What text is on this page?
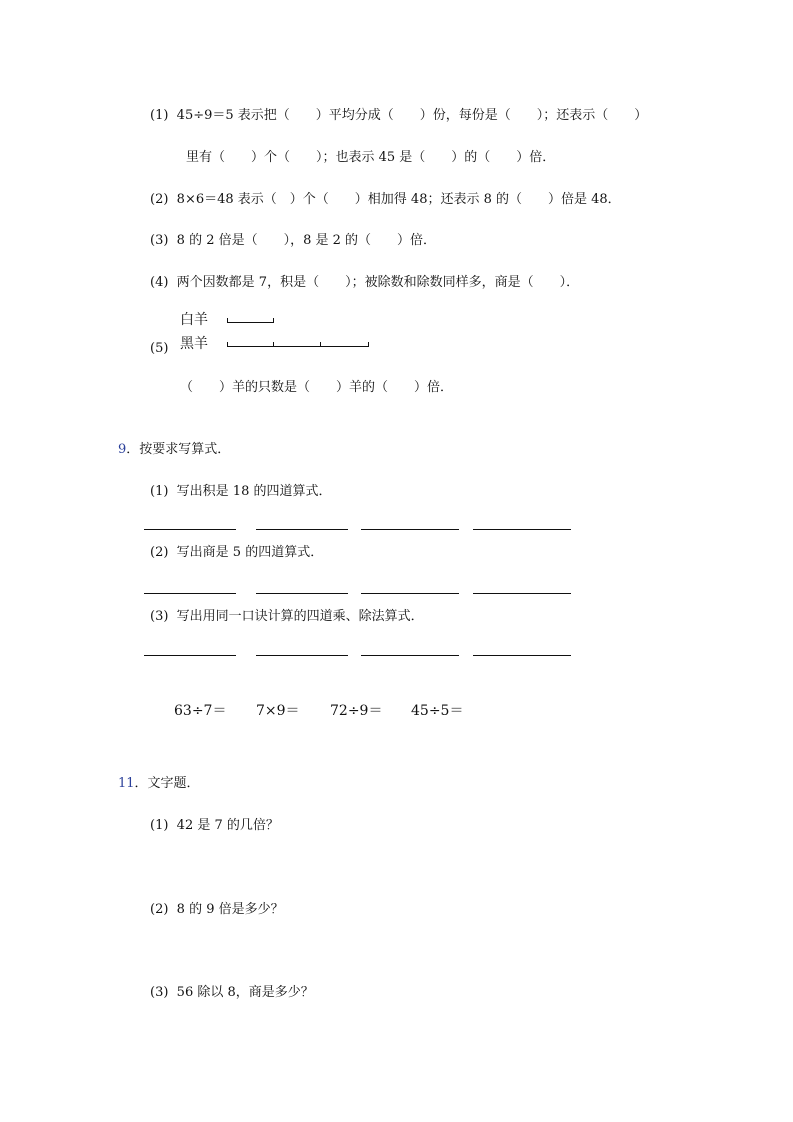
(1)  45÷9＝5 表示把（　　）平均分成（　　）份，每份是（　　）；还表示（　　）
里有（　　）个（　　）；也表示 45 是（　　）的（　　）倍．
(2)  8×6＝48 表示（　）个（　　）相加得 48；还表示 8 的（　　）倍是 48．
(3)  8 的 2 倍是（　　），8 是 2 的（　　）倍．
(4)  两个因数都是 7，积是（　　）；被除数和除数同样多，商是（　　）．
白羊
(5) 黑羊
（　　）羊的只数是（　　）羊的（　　）倍．
9．按要求写算式．
(1)  写出积是 18 的四道算式．
(2)  写出商是 5 的四道算式．
(3)  写出用同一口诀计算的四道乘、除法算式．
63÷7＝ 7×9＝ 72÷9＝ 45÷5＝
11．文字题．
(1)  42 是 7 的几倍？
(2)  8 的 9 倍是多少？
(3)  56 除以 8，商是多少？
